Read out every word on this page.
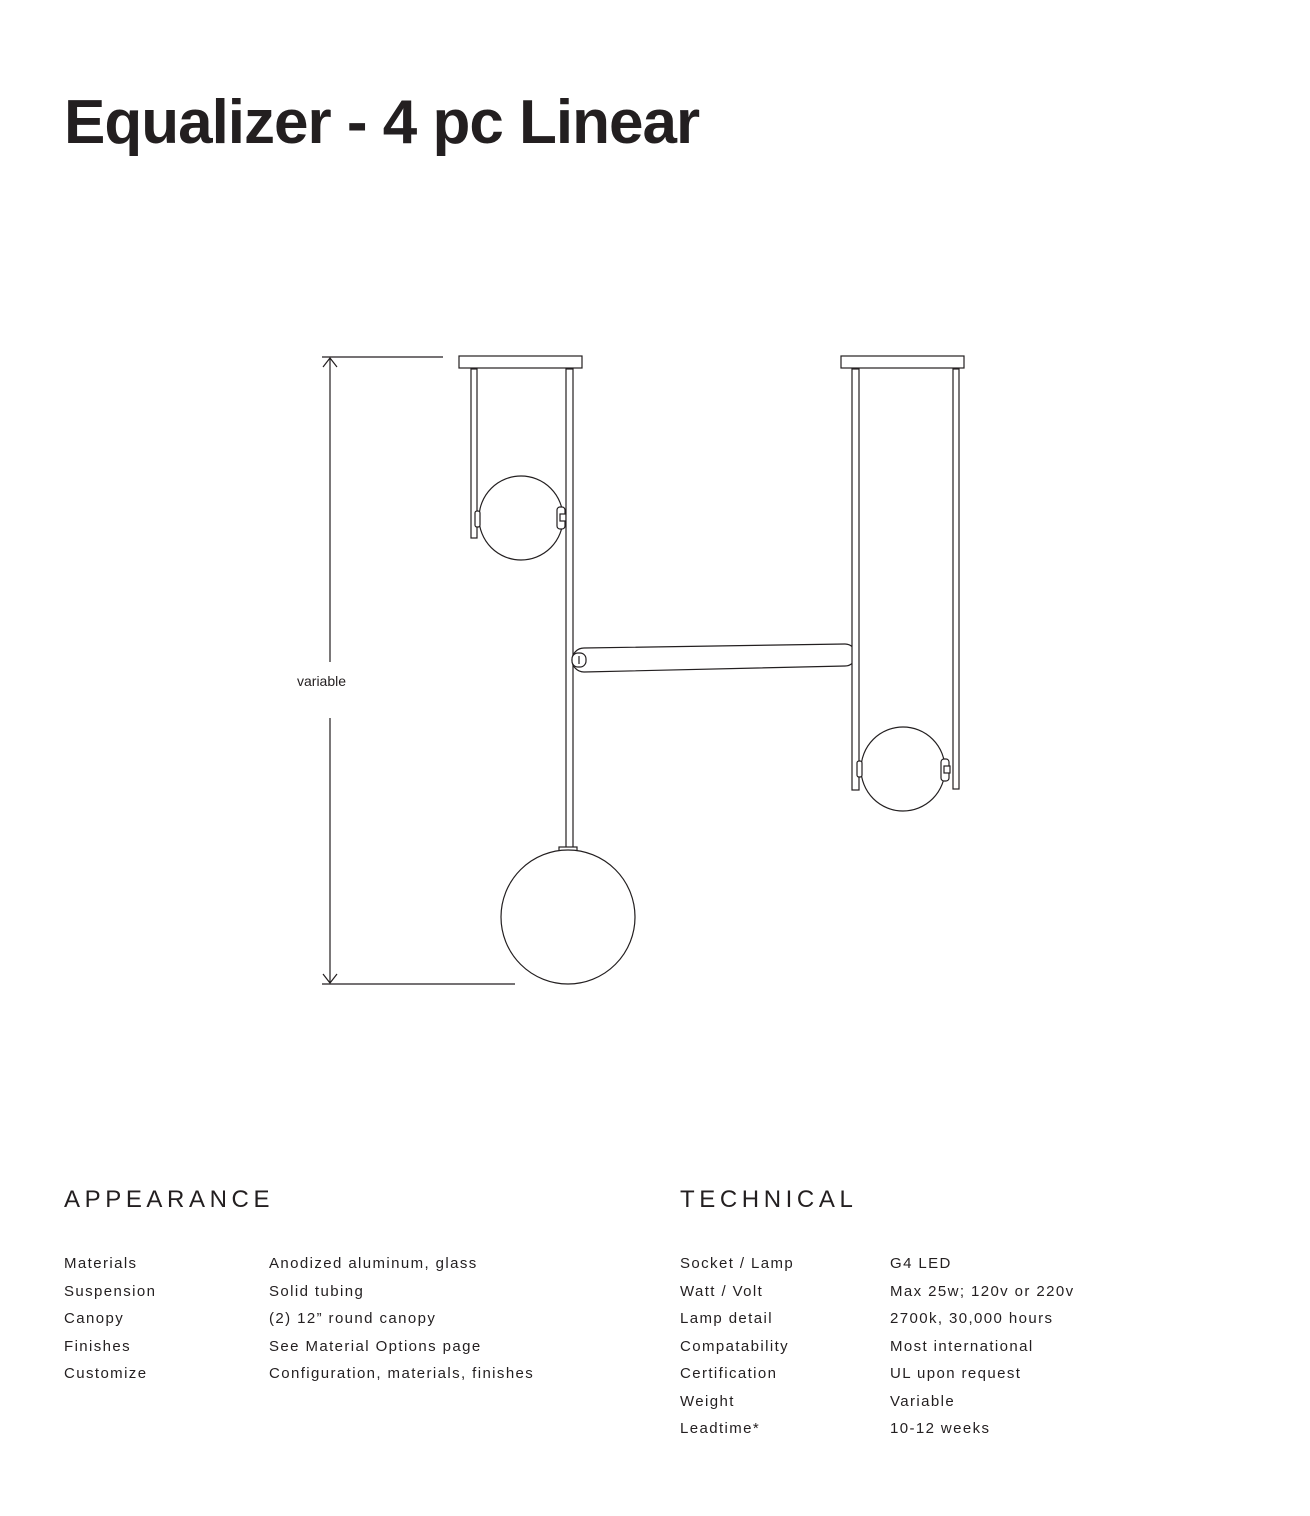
Equalizer - 4 pc Linear
variable
APPEARANCE
Materials	Anodized aluminum, glass
Suspension	Solid tubing
Canopy	(2) 12” round canopy
Finishes	See Material Options page
Customize	Configuration, materials, finishes
TECHNICAL
Socket / Lamp	G4 LED
Watt / Volt	Max 25w; 120v or 220v
Lamp detail	2700k, 30,000 hours
Compatability	Most international
Certification	UL upon request
Weight	Variable
Leadtime*	10-12 weeks
